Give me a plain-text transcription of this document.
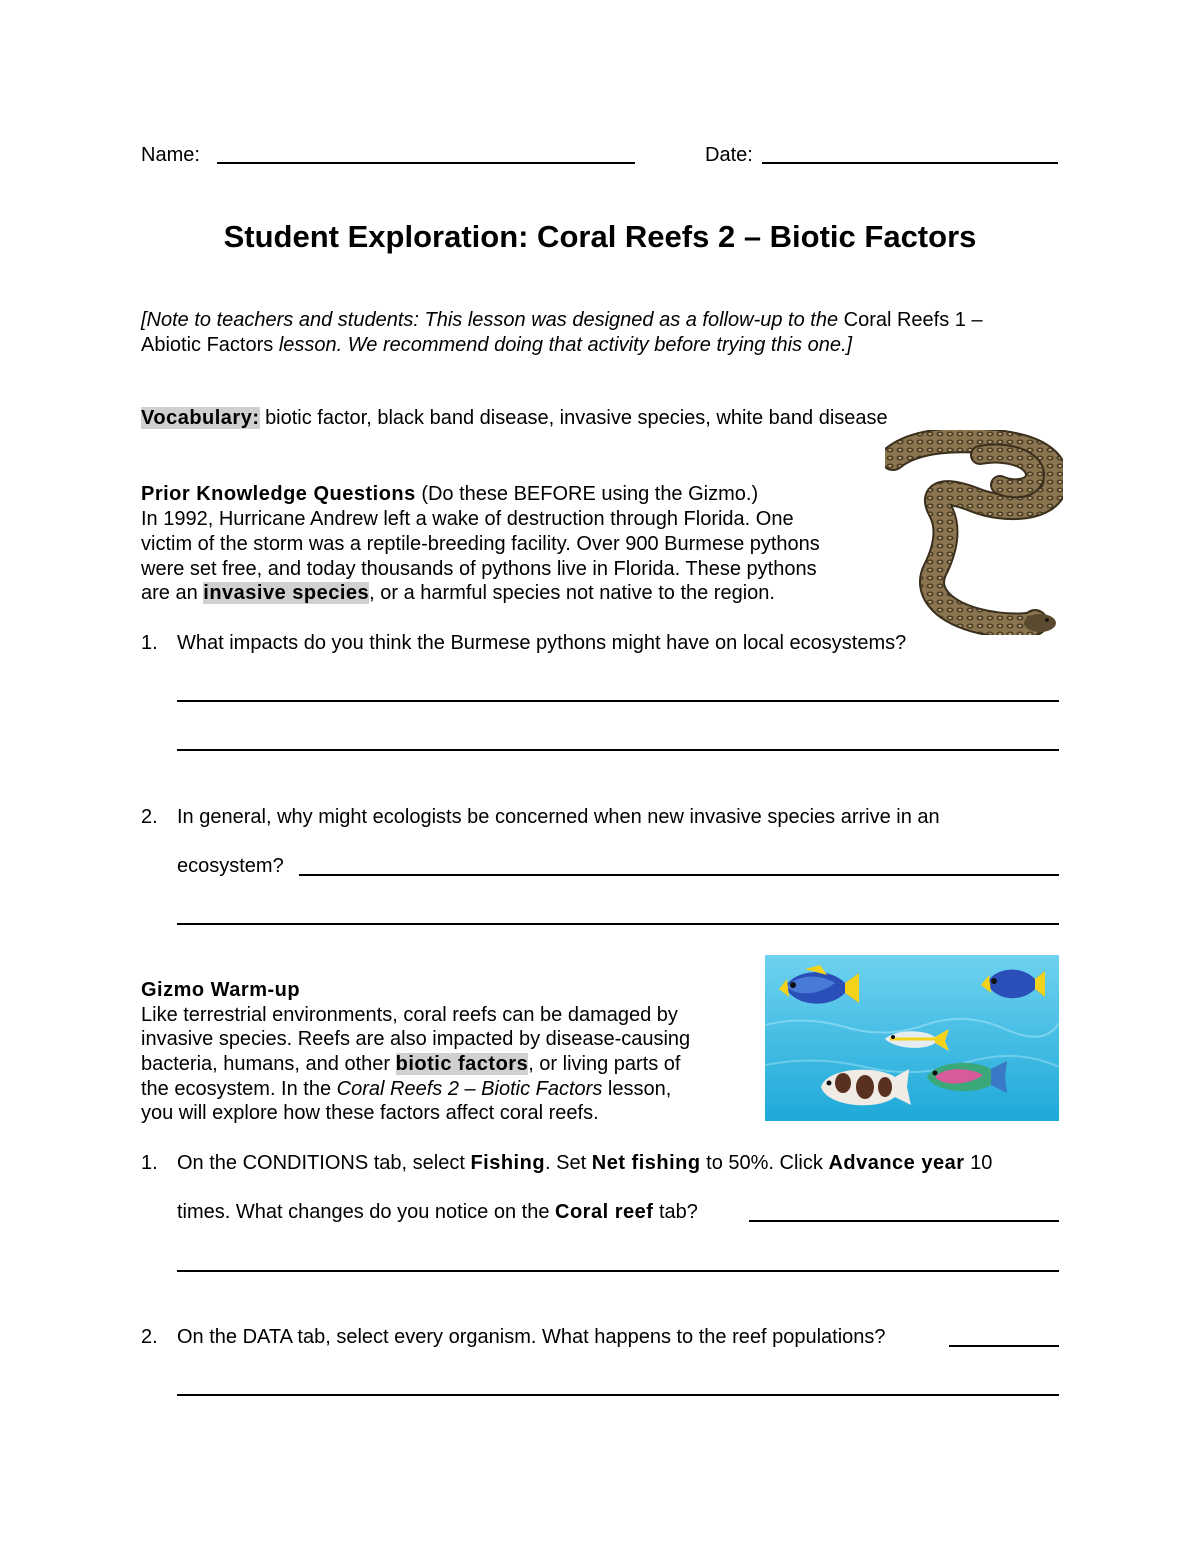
Name:	Date:
Student Exploration: Coral Reefs 2 – Biotic Factors
[Note to teachers and students: This lesson was designed as a follow-up to the Coral Reefs 1 –
Abiotic Factors lesson. We recommend doing that activity before trying this one.]
Vocabulary: biotic factor, black band disease, invasive species, white band disease
Prior Knowledge Questions (Do these BEFORE using the Gizmo.)
In 1992, Hurricane Andrew left a wake of destruction through Florida. One
victim of the storm was a reptile-breeding facility. Over 900 Burmese pythons
were set free, and today thousands of pythons live in Florida. These pythons
are an invasive species, or a harmful species not native to the region.
1. What impacts do you think the Burmese pythons might have on local ecosystems?
2. In general, why might ecologists be concerned when new invasive species arrive in an
ecosystem?
Gizmo Warm-up
Like terrestrial environments, coral reefs can be damaged by
invasive species. Reefs are also impacted by disease-causing
bacteria, humans, and other biotic factors, or living parts of
the ecosystem. In the Coral Reefs 2 – Biotic Factors lesson,
you will explore how these factors affect coral reefs.
1. On the CONDITIONS tab, select Fishing. Set Net fishing to 50%. Click Advance year 10
times. What changes do you notice on the Coral reef tab?
2. On the DATA tab, select every organism. What happens to the reef populations?
